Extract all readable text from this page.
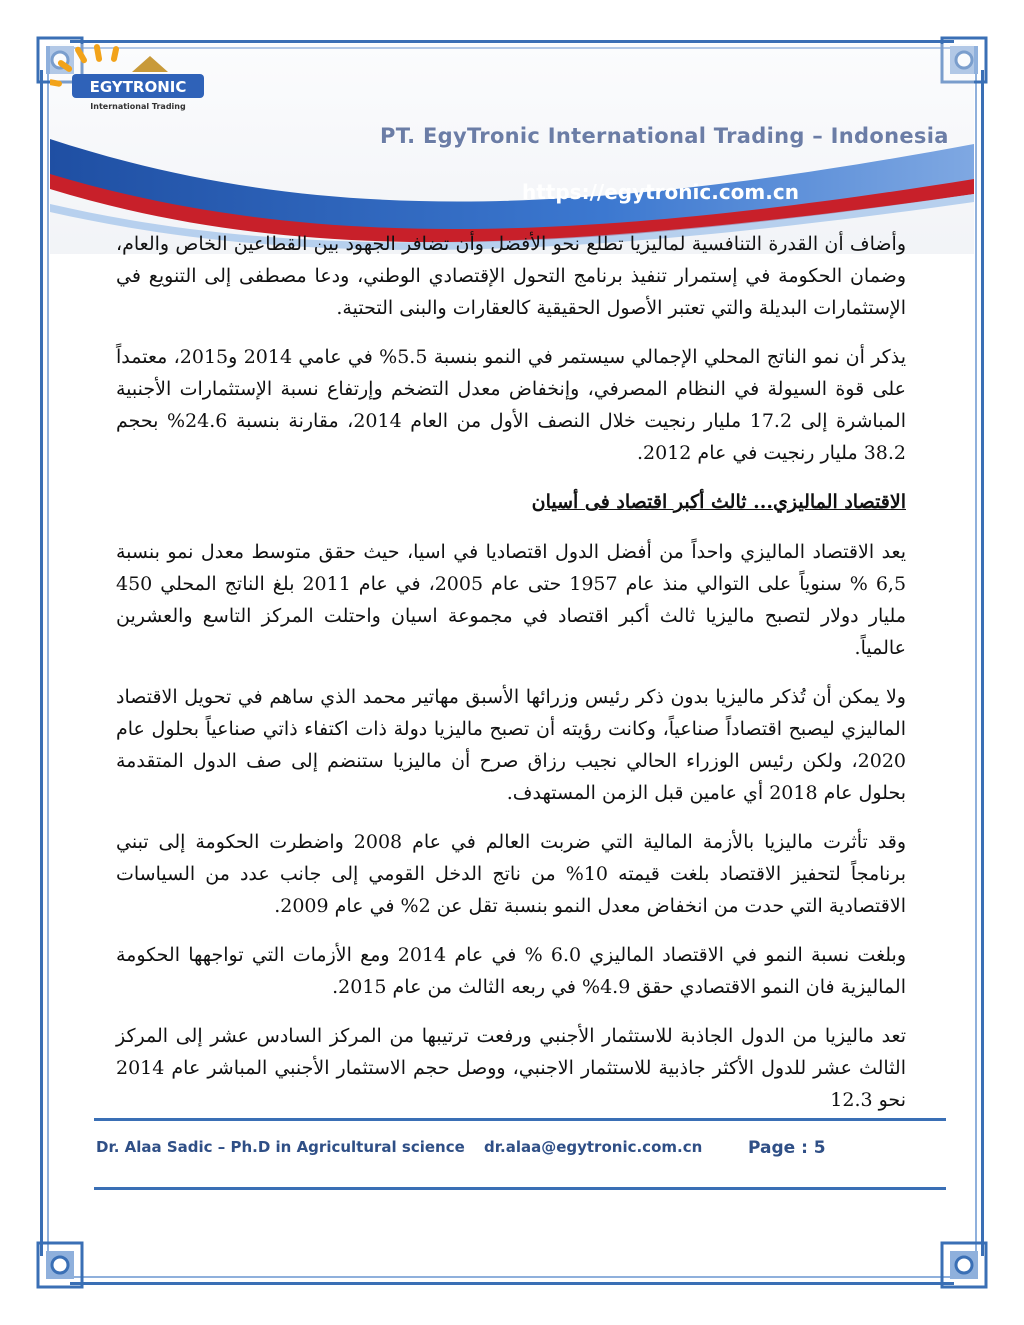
EGYTRONIC
International Trading
PT. EgyTronic International Trading – Indonesia
https://egytronic.com.cn

وأضاف أن القدرة التنافسية لماليزيا تطلع نحو الأفضل وأن تضافر الجهود بين القطاعين الخاص والعام، وضمان الحكومة في إستمرار تنفيذ برنامج التحول الإقتصادي الوطني، ودعا مصطفى إلى التنويع في الإستثمارات البديلة والتي تعتبر الأصول الحقيقية كالعقارات والبنى التحتية.

يذكر أن نمو الناتج المحلي الإجمالي سيستمر في النمو بنسبة 5.5% في عامي 2014 و2015، معتمداً على قوة السيولة في النظام المصرفي، وإنخفاض معدل التضخم وإرتفاع نسبة الإستثمارات الأجنبية المباشرة إلى 17.2 مليار رنجيت خلال النصف الأول من العام 2014، مقارنة بنسبة 24.6% بحجم 38.2 مليار رنجيت في عام 2012.

الاقتصاد الماليزي... ثالث أكبر اقتصاد فى أسيان

يعد الاقتصاد الماليزي واحداً من أفضل الدول اقتصاديا في اسيا، حيث حقق متوسط معدل نمو بنسبة 6,5 % سنوياً على التوالي منذ عام 1957 حتى عام 2005، في عام 2011 بلغ الناتج المحلي 450 مليار دولار لتصبح ماليزيا ثالث أكبر اقتصاد في مجموعة اسيان واحتلت المركز التاسع والعشرين عالمياً.

ولا يمكن أن تُذكر ماليزيا بدون ذكر رئيس وزرائها الأسبق مهاتير محمد الذي ساهم في تحويل الاقتصاد الماليزي ليصبح اقتصاداً صناعياً، وكانت رؤيته أن تصبح ماليزيا دولة ذات اكتفاء ذاتي صناعياً بحلول عام 2020، ولكن رئيس الوزراء الحالي نجيب رزاق صرح أن ماليزيا ستنضم إلى صف الدول المتقدمة بحلول عام 2018 أي عامين قبل الزمن المستهدف.

وقد تأثرت ماليزيا بالأزمة المالية التي ضربت العالم في عام 2008 واضطرت الحكومة إلى تبني برنامجاً لتحفيز الاقتصاد بلغت قيمته 10% من ناتج الدخل القومي إلى جانب عدد من السياسات الاقتصادية التي حدت من انخفاض معدل النمو بنسبة تقل عن 2% في عام 2009.

وبلغت نسبة النمو في الاقتصاد الماليزي 6.0 % في عام 2014 ومع الأزمات التي تواجهها الحكومة الماليزية فان النمو الاقتصادي حقق 4.9% في ربعه الثالث من عام 2015.

تعد ماليزيا من الدول الجاذبة للاستثمار الأجنبي ورفعت ترتيبها من المركز السادس عشر إلى المركز الثالث عشر للدول الأكثر جاذبية للاستثمار الاجنبي، ووصل حجم الاستثمار الأجنبي المباشر عام 2014 نحو 12.3

Dr. Alaa Sadic – Ph.D in Agricultural science dr.alaa@egytronic.com.cn	Page : 5
